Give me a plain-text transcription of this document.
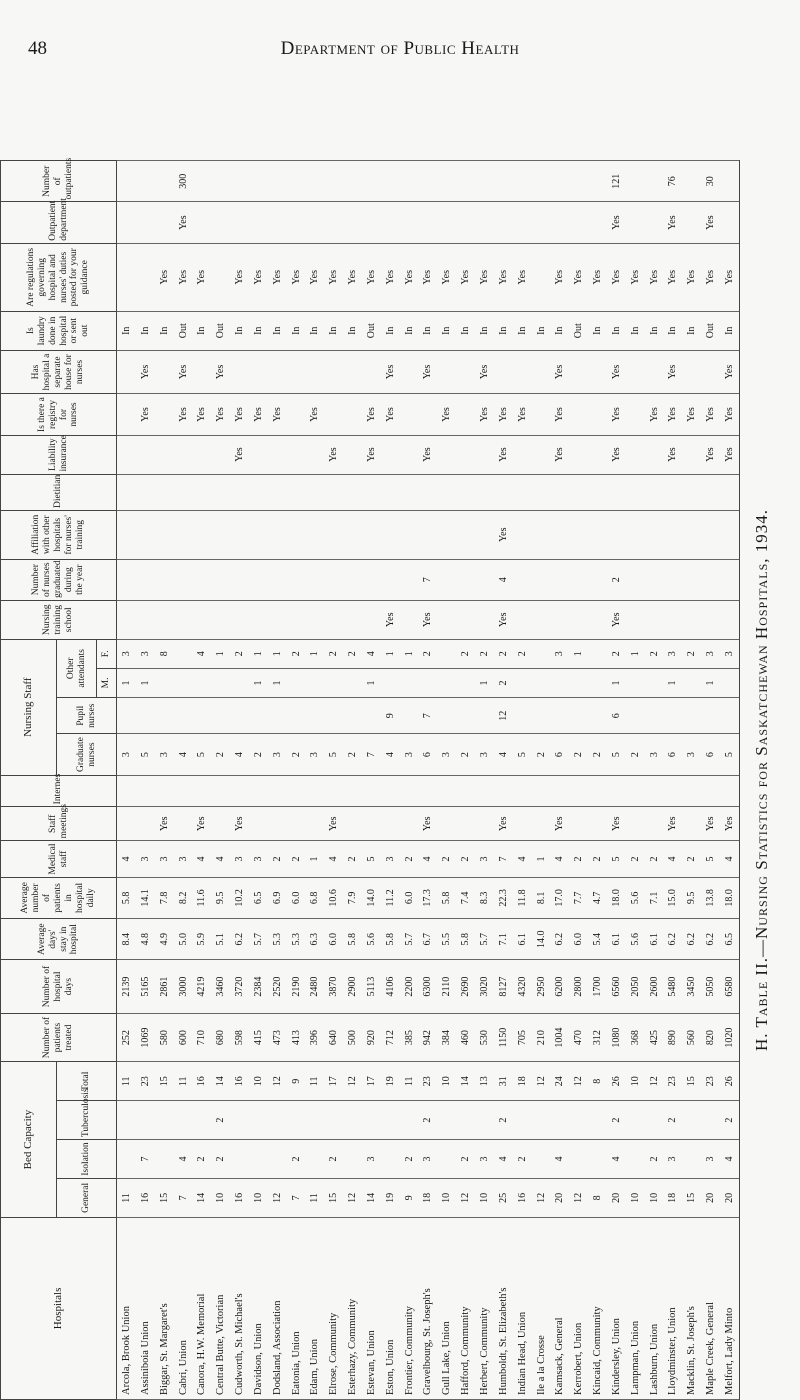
48	Department of Public Health
Hospitals	Bed Capacity				Number of patients treated	Number of hospital days	Average days' stay in hospital	Average number of patients in hospital daily	Medical staff	Staff meetings	Internes	Nursing Staff				Nursing training school	Number of nurses graduated during the year	Affiliation with other hospitals for nurses' training	Dietitian	Liability insurance	Is there a registry for nurses	Has hospital a separate house for nurses	Is laundry done in hospital or sent out	Are regulations governing hospital and nurses' duties posted for your guidance	Outpatient department	Number of outpatients
	General	Isolation	Tuberculosis	Total								Graduate nurses	Pupil nurses	Other attendants												
														M.	F.											
Arcola, Brook Union	11			11	252	2139	8.4	5.8	4			3		1	3								In			
Assiniboia Union	16	7		23	1069	5165	4.8	14.1	3			5		1	3						Yes	Yes	In			
Biggar, St. Margaret's	15			15	580	2861	4.9	7.8	3	Yes		3			8								In	Yes		
Cabri, Union	7	4		11	600	3000	5.0	8.2	3			4									Yes	Yes	Out	Yes	Yes	300
Canora, H.W. Memorial	14	2		16	710	4219	5.9	11.6	4	Yes		5			4						Yes		In	Yes		
Central Butte, Victorian	10	2	2	14	680	3460	5.1	9.5	4			2			1						Yes	Yes	Out			
Cudworth, St. Michael's	16			16	598	3720	6.2	10.2	3	Yes		4			2					Yes	Yes		In	Yes		
Davidson, Union	10			10	415	2384	5.7	6.5	3			2		1	1						Yes		In	Yes		
Dodsland, Association	12			12	473	2520	5.3	6.9	2			3		1	1						Yes		In	Yes		
Eatonia, Union	7	2		9	413	2190	5.3	6.0	2			2			2								In	Yes		
Edam, Union	11			11	396	2480	6.3	6.8	1			3			1						Yes		In	Yes		
Elrose, Community	15	2		17	640	3870	6.0	10.6	4	Yes		5			2					Yes			In	Yes		
Esterhazy, Community	12			12	500	2900	5.8	7.9	2			2			2								In	Yes		
Estevan, Union	14	3		17	920	5113	5.6	14.0	5			7		1	4					Yes	Yes		Out	Yes		
Eston, Union	19			19	712	4106	5.8	11.2	3			4	9		1	Yes					Yes	Yes	In	Yes		
Frontier, Community	9	2		11	385	2200	5.7	6.0	2			3			1								In	Yes		
Gravelbourg, St. Joseph's	18	3	2	23	942	6300	6.7	17.3	4	Yes		6	7		2	Yes	7			Yes		Yes	In	Yes		
Gull Lake, Union	10			10	384	2110	5.5	5.8	2			3									Yes		In	Yes		
Hafford, Community	12	2		14	460	2690	5.8	7.4	2			2			2								In	Yes		
Herbert, Community	10	3		13	530	3020	5.7	8.3	3			3		1	2						Yes	Yes	In	Yes		
Humboldt, St. Elizabeth's	25	4	2	31	1150	8127	7.1	22.3	7	Yes		4	12	2	2	Yes	4	Yes		Yes	Yes		In	Yes		
Indian Head, Union	16	2		18	705	4320	6.1	11.8	4			5			2						Yes		In	Yes		
Ile a la Crosse	12			12	210	2950	14.0	8.1	1			2											In			
Kamsack, General	20	4		24	1004	6200	6.2	17.0	4	Yes		6			3					Yes	Yes	Yes	In	Yes		
Kerrobert, Union	12			12	470	2800	6.0	7.7	2			2			1								Out	Yes		
Kincaid, Community	8			8	312	1700	5.4	4.7	2			2											In	Yes		
Kindersley, Union	20	4	2	26	1080	6560	6.1	18.0	5	Yes		5	6	1	2	Yes	2			Yes	Yes	Yes	In	Yes	Yes	121
Lampman, Union	10			10	368	2050	5.6	5.6	2			2			1								In	Yes		
Lashburn, Union	10	2		12	425	2600	6.1	7.1	2			3			2						Yes		In	Yes		
Lloydminster, Union	18	3	2	23	890	5480	6.2	15.0	4	Yes		6		1	3					Yes	Yes	Yes	In	Yes	Yes	76
Macklin, St. Joseph's	15			15	560	3450	6.2	9.5	2			3			2						Yes		In	Yes		
Maple Creek, General	20	3		23	820	5050	6.2	13.8	5	Yes		6		1	3					Yes	Yes		Out	Yes	Yes	30
Melfort, Lady Minto	20	4	2	26	1020	6580	6.5	18.0	4	Yes		5			3					Yes	Yes	Yes	In	Yes		
H. Table II.—Nursing Statistics for Saskatchewan Hospitals, 1934.
